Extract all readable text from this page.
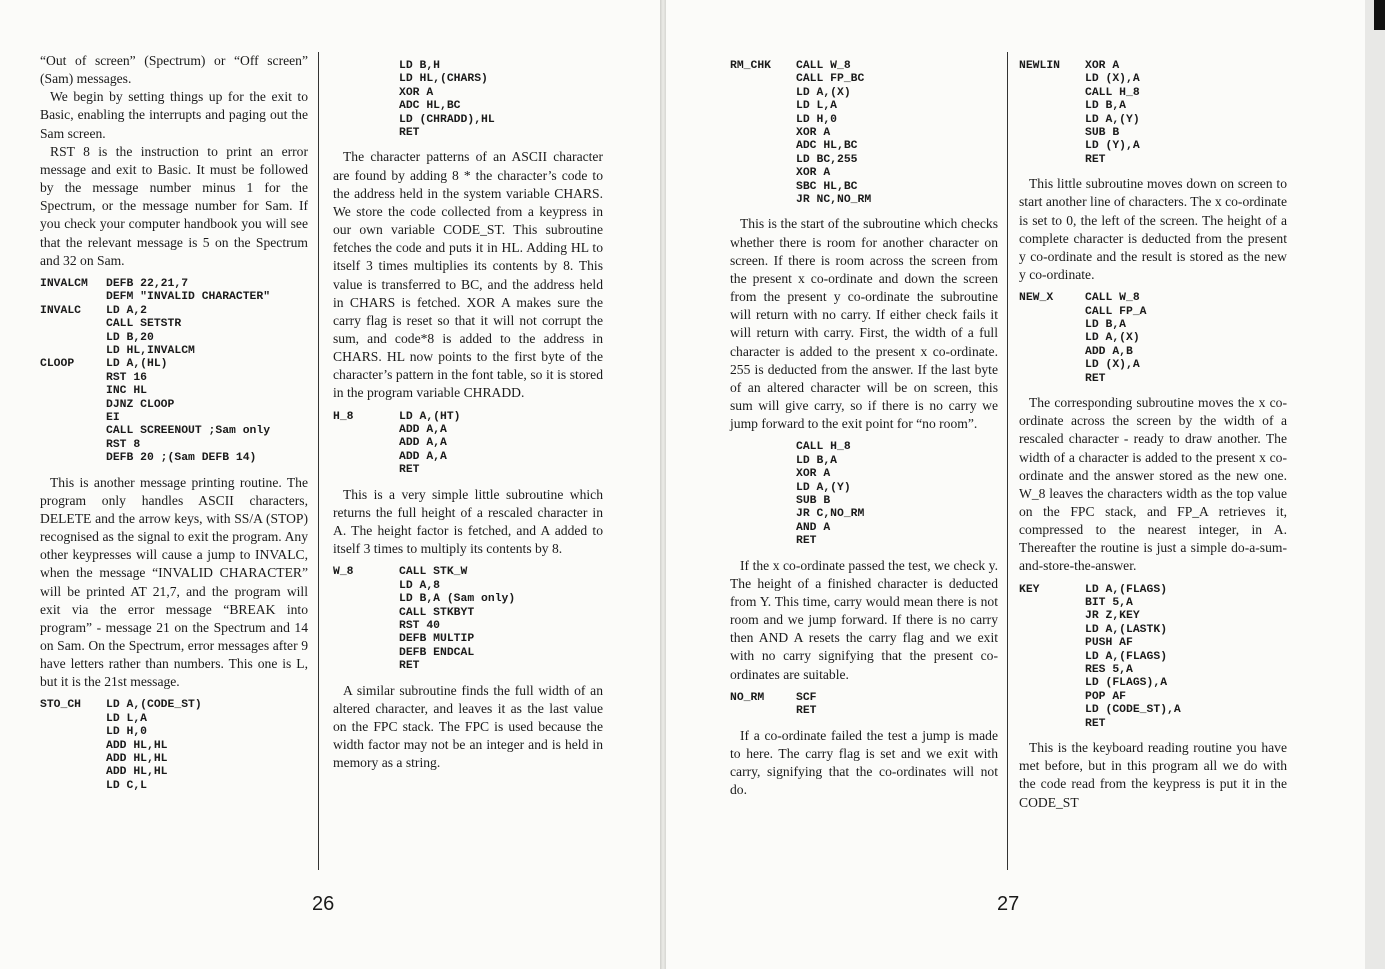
“Out of screen” (Spectrum) or “Off screen” (Sam) messages.

We begin by setting things up for the exit to Basic, enabling the interrupts and paging out the Sam screen.

RST 8 is the instruction to print an error message and exit to Basic. It must be followed by the message number minus 1 for the Spectrum, or the message number for Sam. If you check your computer handbook you will see that the relevant message is 5 on the Spectrum and 32 on Sam.

INVALCM DEFB 22,21,7
DEFM "INVALID CHARACTER"
INVALC LD A,2
CALL SETSTR
LD B,20
LD HL,INVALCM
CLOOP	LD A,(HL)
RST 16
INC HL
DJNZ CLOOP
EI
CALL SCREENOUT ;Sam only
RST 8
DEFB 20 ;(Sam DEFB 14)

This is another message printing routine. The program only handles ASCII characters, DELETE and the arrow keys, with SS/A (STOP) recognised as the signal to exit the program. Any other keypresses will cause a jump to INVALC, when the message “INVALID CHARACTER” will be printed AT 21,7, and the program will exit via the error message “BREAK into program” - message 21 on the Spectrum and 14 on Sam. On the Spectrum, error messages after 9 have letters rather than numbers. This one is L, but it is the 21st message.

STO_CH LD A,(CODE_ST)
LD L,A
LD H,0
ADD HL,HL
ADD HL,HL
ADD HL,HL
LD C,L
LD B,H
LD HL,(CHARS)
XOR A
ADC HL,BC
LD (CHRADD),HL
RET

The character patterns of an ASCII character are found by adding 8 * the character’s code to the address held in the system variable CHARS. We store the code collected from a keypress in our own variable CODE_ST. This subroutine fetches the code and puts it in HL. Adding HL to itself 3 times multiplies its contents by 8. This value is transferred to BC, and the address held in CHARS is fetched. XOR A makes sure the carry flag is reset so that it will not corrupt the sum, and code*8 is added to the address in CHARS. HL now points to the first byte of the character’s pattern in the font table, so it is stored in the program variable CHRADD.

H_8	LD A,(HT)
ADD A,A
ADD A,A
ADD A,A
RET

This is a very simple little subroutine which returns the full height of a rescaled character in A. The height factor is fetched, and A added to itself 3 times to multiply its contents by 8.

W_8	CALL STK_W
LD A,8
LD B,A (Sam only)
CALL STKBYT
RST 40
DEFB MULTIP
DEFB ENDCAL
RET

A similar subroutine finds the full width of an altered character, and leaves it as the last value on the FPC stack. The FPC is used because the width factor may not be an integer and is held in memory as a string.

26
RM_CHK CALL W_8
CALL FP_BC
LD A,(X)
LD L,A
LD H,0
XOR A
ADC HL,BC
LD BC,255
XOR A
SBC HL,BC
JR NC,NO_RM

This is the start of the subroutine which checks whether there is room for another character on screen. If there is room across the screen from the present x co-ordinate and down the screen from the present y co-ordinate the subroutine will return with no carry. If either check fails it will return with carry. First, the width of a full character is added to the present x co-ordinate. 255 is deducted from the answer. If the last byte of an altered character will be on screen, this sum will give carry, so if there is no carry we jump forward to the exit point for “no room”.

CALL H_8
LD B,A
XOR A
LD A,(Y)
SUB B
JR C,NO_RM
AND A
RET

If the x co-ordinate passed the test, we check y. The height of a finished character is deducted from Y. This time, carry would mean there is not room and we jump forward. If there is no carry then AND A resets the carry flag and we exit with no carry signifying that the present co-ordinates are suitable.

NO_RM	SCF
RET

If a co-ordinate failed the test a jump is made to here. The carry flag is set and we exit with carry, signifying that the co-ordinates will not do.

NEWLIN XOR A
LD (X),A
CALL H_8
LD B,A
LD A,(Y)
SUB B
LD (Y),A
RET

This little subroutine moves down on screen to start another line of characters. The x co-ordinate is set to 0, the left of the screen. The height of a complete character is deducted from the present y co-ordinate and the result is stored as the new y co-ordinate.

NEW_X	CALL W_8
CALL FP_A
LD B,A
LD A,(X)
ADD A,B
LD (X),A
RET

The corresponding subroutine moves the x co-ordinate across the screen by the width of a rescaled character - ready to draw another. The width of a character is added to the present x co-ordinate and the answer stored as the new one. W_8 leaves the characters width as the top value on the FPC stack, and FP_A retrieves it, compressed to the nearest integer, in A. Thereafter the routine is just a simple do-a-sum-and-store-the-answer.

KEY	LD A,(FLAGS)
BIT 5,A
JR Z,KEY
LD A,(LASTK)
PUSH AF
LD A,(FLAGS)
RES 5,A
LD (FLAGS),A
POP AF
LD (CODE_ST),A
RET

This is the keyboard reading routine you have met before, but in this program all we do with the code read from the keypress is put it in the CODE_ST

27
